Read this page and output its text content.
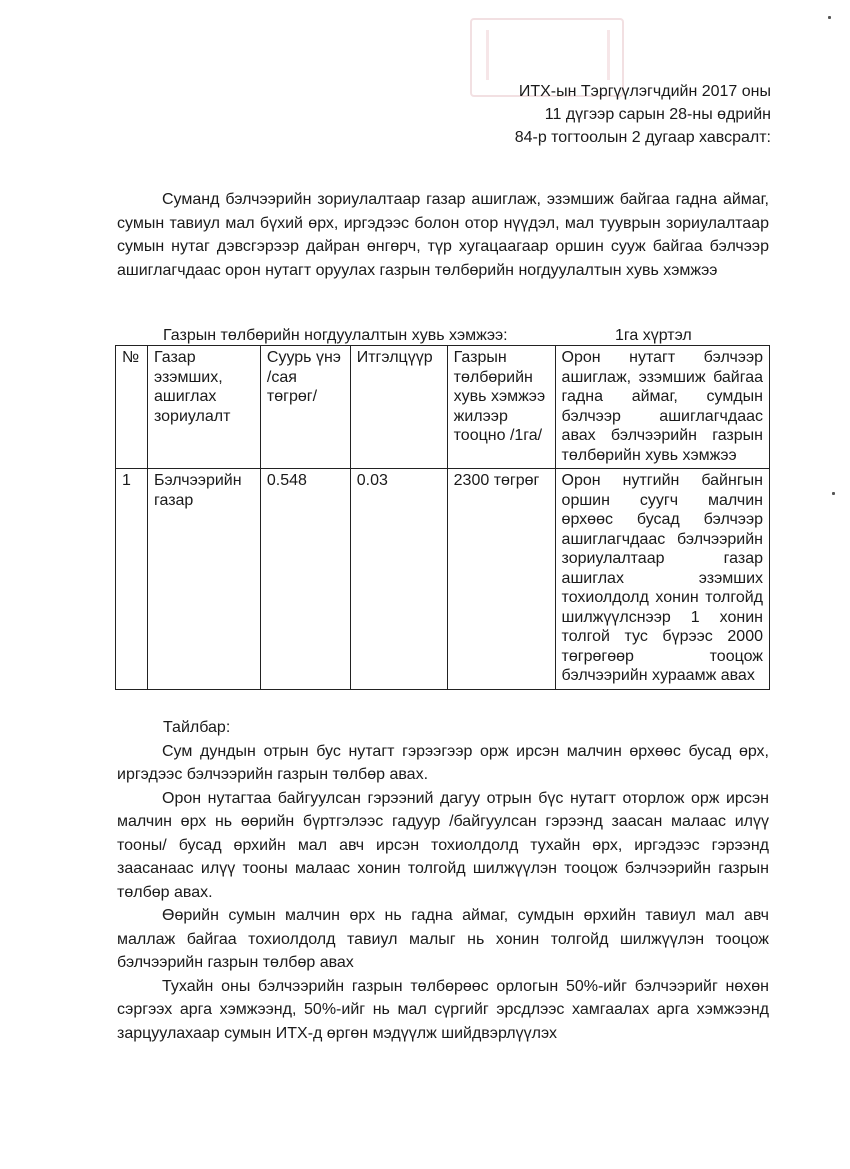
ИТХ-ын Тэргүүлэгчдийн 2017 оны
11 дүгээр сарын 28-ны өдрийн
84-р тогтоолын 2 дугаар хавсралт:
Суманд бэлчээрийн зориулалтаар газар ашиглаж, эзэмшиж байгаа гадна аймаг, сумын тавиул мал бүхий өрх, иргэдээс болон отор нүүдэл, мал тууврын зориулалтаар сумын нутаг дэвсгэрээр дайран өнгөрч, түр хугацаагаар оршин сууж байгаа бэлчээр ашиглагчдаас орон нутагт оруулах газрын төлбөрийн ногдуулалтын хувь хэмжээ
Газрын төлбөрийн ногдуулалтын хувь хэмжээ:	1га хүртэл
№	Газар эзэмших, ашиглах зориулалт	Суурь үнэ /сая төгрөг/	Итгэлцүүр	Газрын төлбөрийн хувь хэмжээ жилээр тооцно /1га/	Орон нутагт бэлчээр ашиглаж, эзэмшиж байгаа гадна аймаг, сумдын бэлчээр ашиглагчдаас авах бэлчээрийн газрын төлбөрийн хувь хэмжээ
1	Бэлчээрийн газар	0.548	0.03	2300 төгрөг	Орон нутгийн байнгын оршин суугч малчин өрхөөс бусад бэлчээр ашиглагчдаас бэлчээрийн зориулалтаар газар ашиглах эзэмших тохиолдолд хонин толгойд шилжүүлснээр 1 хонин толгой тус бүрээс 2000 төгрөгөөр тооцож бэлчээрийн хураамж авах
Тайлбар:
Сум дундын отрын бус нутагт гэрээгээр орж ирсэн малчин өрхөөс бусад өрх, иргэдээс бэлчээрийн газрын төлбөр авах.
Орон нутагтаа байгуулсан гэрээний дагуу отрын бүс нутагт оторлож орж ирсэн малчин өрх нь өөрийн бүртгэлээс гадуур /байгуулсан гэрээнд заасан малаас илүү тооны/ бусад өрхийн мал авч ирсэн тохиолдолд тухайн өрх, иргэдээс гэрээнд заасанаас илүү тооны малаас хонин толгойд шилжүүлэн тооцож бэлчээрийн газрын төлбөр авах.
Өөрийн сумын малчин өрх нь гадна аймаг, сумдын өрхийн тавиул мал авч маллаж байгаа тохиолдолд тавиул малыг нь хонин толгойд шилжүүлэн тооцож бэлчээрийн газрын төлбөр авах
Тухайн оны бэлчээрийн газрын төлбөрөөс орлогын 50%-ийг бэлчээрийг нөхөн сэргээх арга хэмжээнд, 50%-ийг нь мал сүргийг эрсдлээс хамгаалах арга хэмжээнд зарцуулахаар сумын ИТХ-д өргөн мэдүүлж шийдвэрлүүлэх
